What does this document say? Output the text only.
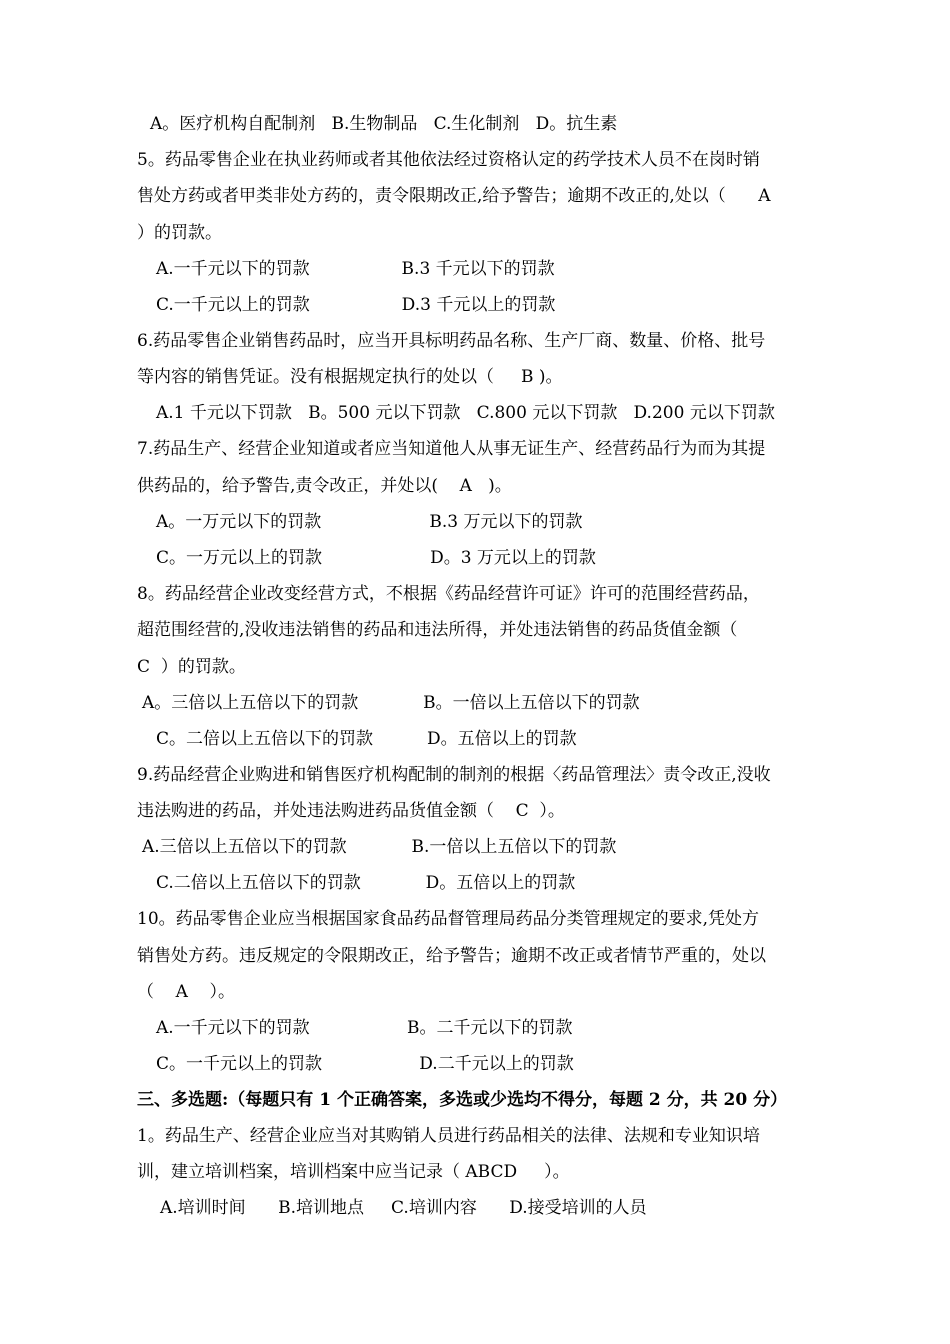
A。医疗机构自配制剂   B.生物制品   C.生化制剂   D。抗生素
5。药品零售企业在执业药师或者其他依法经过资格认定的药学技术人员不在岗时销
售处方药或者甲类非处方药的，责令限期改正,给予警告；逾期不改正的,处以（      A
）的罚款。
A.一千元以下的罚款                 B.3 千元以下的罚款
C.一千元以上的罚款                 D.3 千元以上的罚款
6.药品零售企业销售药品时，应当开具标明药品名称、生产厂商、数量、价格、批号
等内容的销售凭证。没有根据规定执行的处以（     B )。
A.1 千元以下罚款   B。500 元以下罚款   C.800 元以下罚款   D.200 元以下罚款
7.药品生产、经营企业知道或者应当知道他人从事无证生产、经营药品行为而为其提
供药品的，给予警告,责令改正，并处以(    A   )。
A。一万元以下的罚款                    B.3 万元以下的罚款
C。一万元以上的罚款                    D。3 万元以上的罚款
8。药品经营企业改变经营方式，不根据《药品经营许可证》许可的范围经营药品，
超范围经营的,没收违法销售的药品和违法所得，并处违法销售的药品货值金额（
C  ）的罚款。
A。三倍以上五倍以下的罚款            B。一倍以上五倍以下的罚款
C。二倍以上五倍以下的罚款          D。五倍以上的罚款
9.药品经营企业购进和销售医疗机构配制的制剂的根据〈药品管理法〉责令改正,没收
违法购进的药品，并处违法购进药品货值金额（    C  ）。
A.三倍以上五倍以下的罚款            B.一倍以上五倍以下的罚款
C.二倍以上五倍以下的罚款            D。五倍以上的罚款
10。药品零售企业应当根据国家食品药品督管理局药品分类管理规定的要求,凭处方
销售处方药。违反规定的令限期改正，给予警告；逾期不改正或者情节严重的，处以
（    A    ）。
A.一千元以下的罚款                  B。二千元以下的罚款
C。一千元以上的罚款                  D.二千元以上的罚款
三、多选题:（每题只有 1 个正确答案，多选或少选均不得分，每题 2 分，共 20 分）
1。药品生产、经营企业应当对其购销人员进行药品相关的法律、法规和专业知识培
训，建立培训档案，培训档案中应当记录（ ABCD     ）。
A.培训时间      B.培训地点     C.培训内容      D.接受培训的人员
